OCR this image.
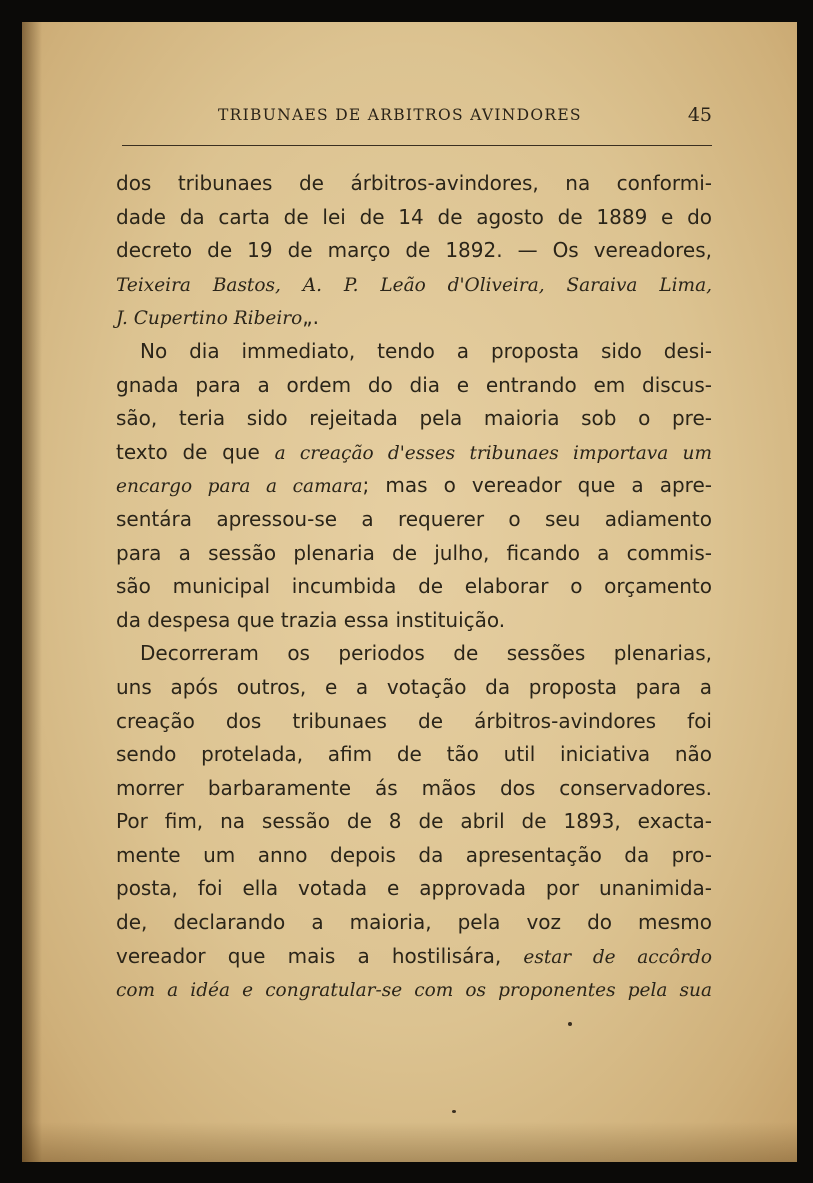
TRIBUNAES DE ARBITROS AVINDORES	45
dos tribunaes de árbitros-avindores, na conformi-
dade da carta de lei de 14 de agosto de 1889 e do
decreto de 19 de março de 1892. — Os vereadores,
Teixeira Bastos, A. P. Leão d'Oliveira, Saraiva Lima,
J. Cupertino Ribeiro„.
No dia immediato, tendo a proposta sido desi-
gnada para a ordem do dia e entrando em discus-
são, teria sido rejeitada pela maioria sob o pre-
texto de que a creação d'esses tribunaes importava um
encargo para a camara; mas o vereador que a apre-
sentára apressou-se a requerer o seu adiamento
para a sessão plenaria de julho, ficando a commis-
são municipal incumbida de elaborar o orçamento
da despesa que trazia essa instituição.
Decorreram os periodos de sessões plenarias,
uns após outros, e a votação da proposta para a
creação dos tribunaes de árbitros-avindores foi
sendo protelada, afim de tão util iniciativa não
morrer barbaramente ás mãos dos conservadores.
Por fim, na sessão de 8 de abril de 1893, exacta-
mente um anno depois da apresentação da pro-
posta, foi ella votada e approvada por unanimida-
de, declarando a maioria, pela voz do mesmo
vereador que mais a hostilisára, estar de accôrdo
com a idéa e congratular-se com os proponentes pela sua
